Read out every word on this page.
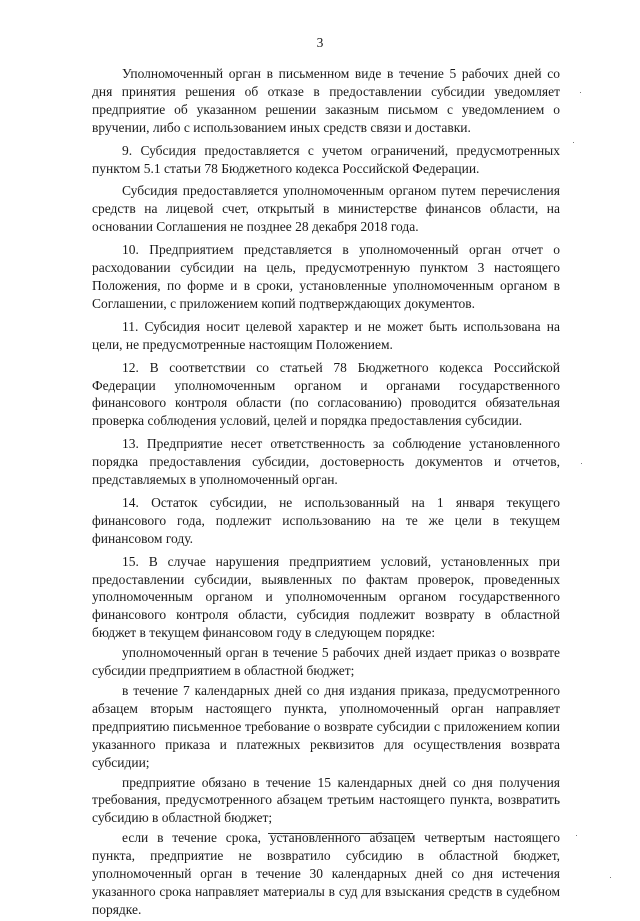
3

Уполномоченный орган в письменном виде в течение 5 рабочих дней со дня принятия решения об отказе в предоставлении субсидии уведомляет предприятие об указанном решении заказным письмом с уведомлением о вручении, либо с использованием иных средств связи и доставки.

9. Субсидия предоставляется с учетом ограничений, предусмотренных пунктом 5.1 статьи 78 Бюджетного кодекса Российской Федерации.

Субсидия предоставляется уполномоченным органом путем перечисления средств на лицевой счет, открытый в министерстве финансов области, на основании Соглашения не позднее 28 декабря 2018 года.

10. Предприятием представляется в уполномоченный орган отчет о расходовании субсидии на цель, предусмотренную пунктом 3 настоящего Положения, по форме и в сроки, установленные уполномоченным органом в Соглашении, с приложением копий подтверждающих документов.

11. Субсидия носит целевой характер и не может быть использована на цели, не предусмотренные настоящим Положением.

12. В соответствии со статьей 78 Бюджетного кодекса Российской Федерации уполномоченным органом и органами государственного финансового контроля области (по согласованию) проводится обязательная проверка соблюдения условий, целей и порядка предоставления субсидии.

13. Предприятие несет ответственность за соблюдение установленного порядка предоставления субсидии, достоверность документов и отчетов, представляемых в уполномоченный орган.

14. Остаток субсидии, не использованный на 1 января текущего финансового года, подлежит использованию на те же цели в текущем финансовом году.

15. В случае нарушения предприятием условий, установленных при предоставлении субсидии, выявленных по фактам проверок, проведенных уполномоченным органом и уполномоченным органом государственного финансового контроля области, субсидия подлежит возврату в областной бюджет в текущем финансовом году в следующем порядке:

уполномоченный орган в течение 5 рабочих дней издает приказ о возврате субсидии предприятием в областной бюджет;

в течение 7 календарных дней со дня издания приказа, предусмотренного абзацем вторым настоящего пункта, уполномоченный орган направляет предприятию письменное требование о возврате субсидии с приложением копии указанного приказа и платежных реквизитов для осуществления возврата субсидии;

предприятие обязано в течение 15 календарных дней со дня получения требования, предусмотренного абзацем третьим настоящего пункта, возвратить субсидию в областной бюджет;

если в течение срока, установленного абзацем четвертым настоящего пункта, предприятие не возвратило субсидию в областной бюджет, уполномоченный орган в течение 30 календарных дней со дня истечения указанного срока направляет материалы в суд для взыскания средств в судебном порядке.
